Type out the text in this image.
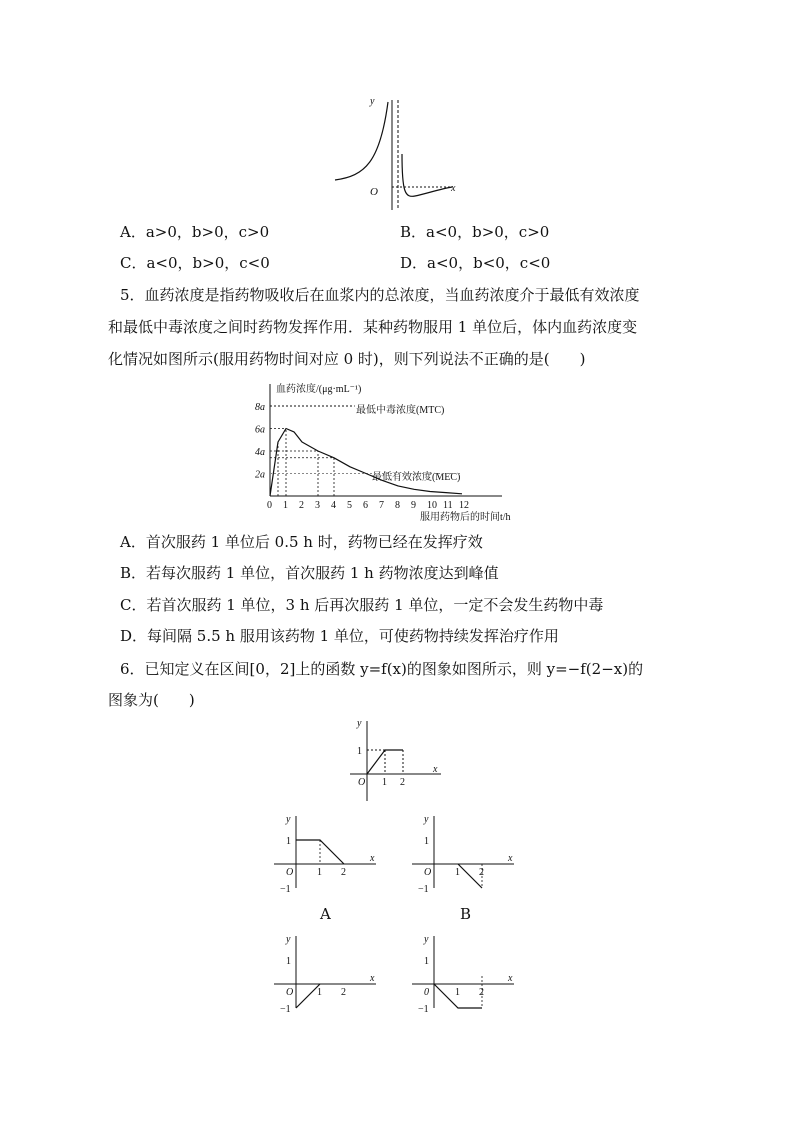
y
x
O
A．a>0，b>0，c>0	B．a<0，b>0，c>0
C．a<0，b>0，c<0	D．a<0，b<0，c<0
5．血药浓度是指药物吸收后在血浆内的总浓度，当血药浓度介于最低有效浓度
和最低中毒浓度之间时药物发挥作用．某种药物服用 1 单位后，体内血药浓度变
化情况如图所示(服用药物时间对应 0 时)，则下列说法不正确的是(　　)
血药浓度/(μg·mL⁻¹)
服用药物后的时间t/h
最低中毒浓度(MTC)
最低有效浓度(MEC)
2a
4a
6a
8a
0 1 2 3 4 5 6 7 8 9 10 11 12
A．首次服药 1 单位后 0.5 h 时，药物已经在发挥疗效
B．若每次服药 1 单位，首次服药 1 h 药物浓度达到峰值
C．若首次服药 1 单位，3 h 后再次服药 1 单位，一定不会发生药物中毒
D．每间隔 5.5 h 服用该药物 1 单位，可使药物持续发挥治疗作用
6．已知定义在区间[0，2]上的函数 y=f(x)的图象如图所示，则 y=−f(2−x)的
图象为(　　)
y
x
O
1
1 2
y
x
O
1
−1
1 2
y
x
O
1
−1
1 2
y
x
O
1
−1
1 2
y
x
0
1
−1
1 2
A	B
